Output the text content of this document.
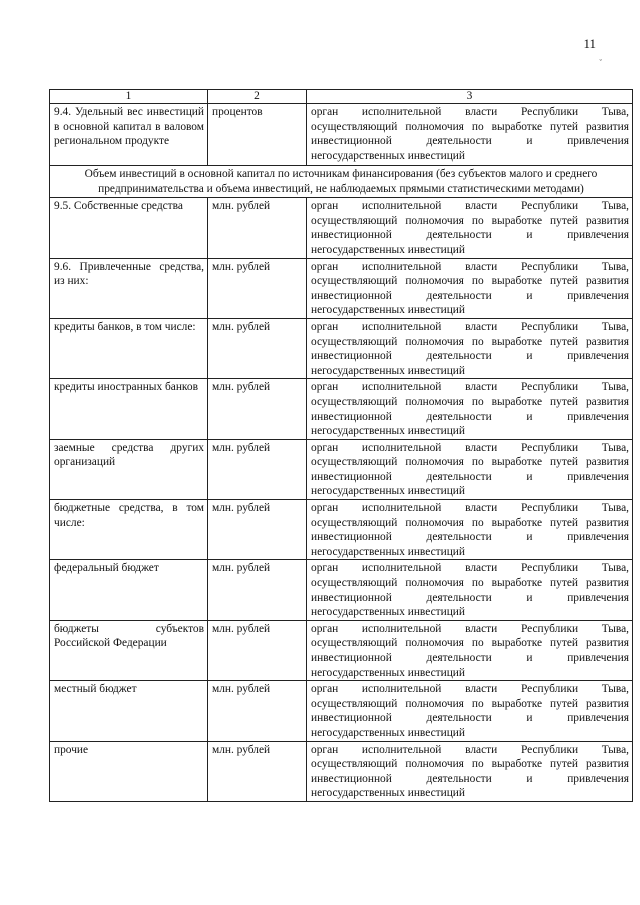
11
ˇ
1	2	3
9.4. Удельный вес инвестиций в основной капитал в валовом региональном продукте	процентов	орган исполнительной власти Республики Тыва, осуществляющий полномочия по выработке путей развития инвестиционной деятельности и привлечения негосударственных инвестиций
Объем инвестиций в основной капитал по источникам финансирования (без субъектов малого и среднего предпринимательства и объема инвестиций, не наблюдаемых прямыми статистическими методами)		
9.5. Собственные средства	млн. рублей	орган исполнительной власти Республики Тыва, осуществляющий полномочия по выработке путей развития инвестиционной деятельности и привлечения негосударственных инвестиций
9.6. Привлеченные средства, из них:	млн. рублей	орган исполнительной власти Республики Тыва, осуществляющий полномочия по выработке путей развития инвестиционной деятельности и привлечения негосударственных инвестиций
кредиты банков, в том числе:	млн. рублей	орган исполнительной власти Республики Тыва, осуществляющий полномочия по выработке путей развития инвестиционной деятельности и привлечения негосударственных инвестиций
кредиты иностранных банков	млн. рублей	орган исполнительной власти Республики Тыва, осуществляющий полномочия по выработке путей развития инвестиционной деятельности и привлечения негосударственных инвестиций
заемные средства других организаций	млн. рублей	орган исполнительной власти Республики Тыва, осуществляющий полномочия по выработке путей развития инвестиционной деятельности и привлечения негосударственных инвестиций
бюджетные средства, в том числе:	млн. рублей	орган исполнительной власти Республики Тыва, осуществляющий полномочия по выработке путей развития инвестиционной деятельности и привлечения негосударственных инвестиций
федеральный бюджет	млн. рублей	орган исполнительной власти Республики Тыва, осуществляющий полномочия по выработке путей развития инвестиционной деятельности и привлечения негосударственных инвестиций
бюджеты субъектов Российской Федерации	млн. рублей	орган исполнительной власти Республики Тыва, осуществляющий полномочия по выработке путей развития инвестиционной деятельности и привлечения негосударственных инвестиций
местный бюджет	млн. рублей	орган исполнительной власти Республики Тыва, осуществляющий полномочия по выработке путей развития инвестиционной деятельности и привлечения негосударственных инвестиций
прочие	млн. рублей	орган исполнительной власти Республики Тыва, осуществляющий полномочия по выработке путей развития инвестиционной деятельности и привлечения негосударственных инвестиций
